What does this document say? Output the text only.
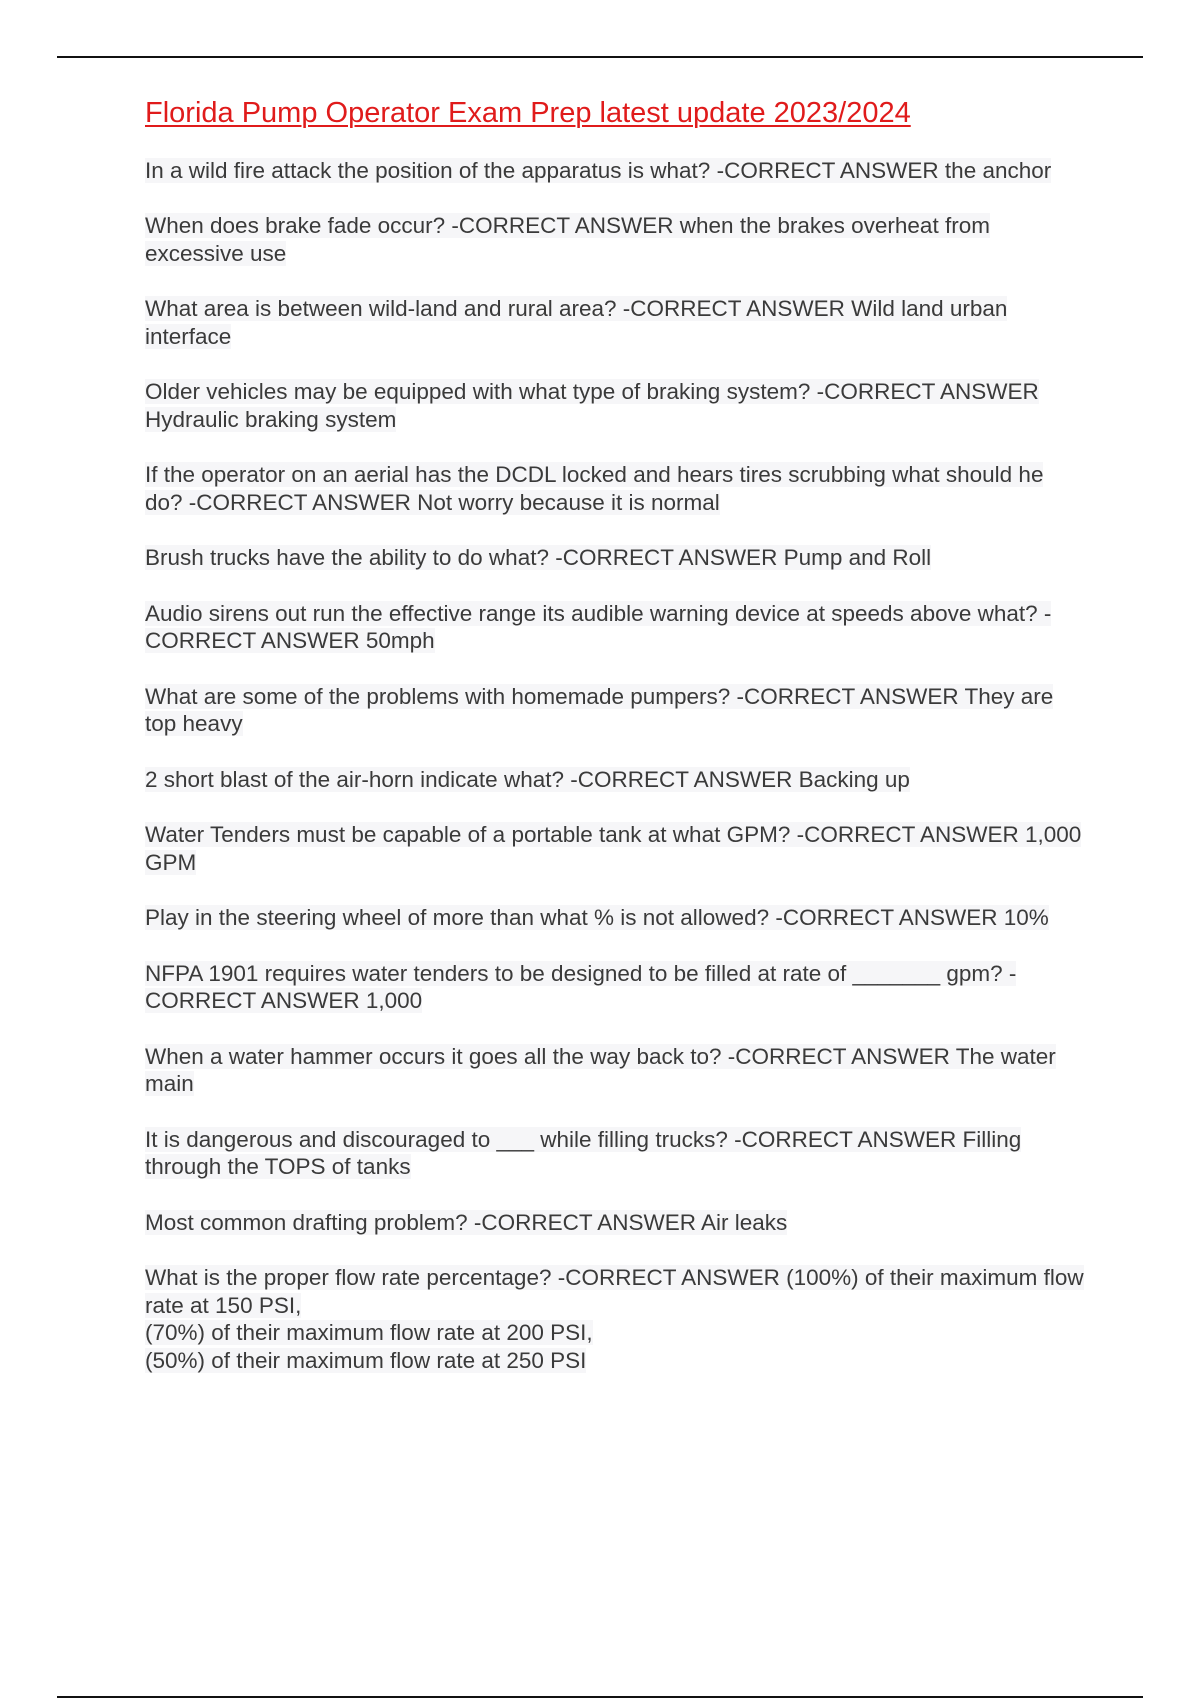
Florida Pump Operator Exam Prep latest update 2023/2024
In a wild fire attack the position of the apparatus is what? -CORRECT ANSWER the anchor
When does brake fade occur? -CORRECT ANSWER when the brakes overheat from excessive use
What area is between wild-land and rural area? -CORRECT ANSWER Wild land urban interface
Older vehicles may be equipped with what type of braking system? -CORRECT ANSWER Hydraulic braking system
If the operator on an aerial has the DCDL locked and hears tires scrubbing what should he do? -CORRECT ANSWER Not worry because it is normal
Brush trucks have the ability to do what? -CORRECT ANSWER Pump and Roll
Audio sirens out run the effective range its audible warning device at speeds above what? -CORRECT ANSWER 50mph
What are some of the problems with homemade pumpers? -CORRECT ANSWER They are top heavy
2 short blast of the air-horn indicate what? -CORRECT ANSWER Backing up
Water Tenders must be capable of a portable tank at what GPM? -CORRECT ANSWER 1,000 GPM
Play in the steering wheel of more than what % is not allowed? -CORRECT ANSWER 10%
NFPA 1901 requires water tenders to be designed to be filled at rate of _______ gpm? -CORRECT ANSWER 1,000
When a water hammer occurs it goes all the way back to? -CORRECT ANSWER The water main
It is dangerous and discouraged to ___ while filling trucks? -CORRECT ANSWER Filling through the TOPS of tanks
Most common drafting problem? -CORRECT ANSWER Air leaks
What is the proper flow rate percentage? -CORRECT ANSWER (100%) of their maximum flow rate at 150 PSI,
(70%) of their maximum flow rate at 200 PSI,
(50%) of their maximum flow rate at 250 PSI
